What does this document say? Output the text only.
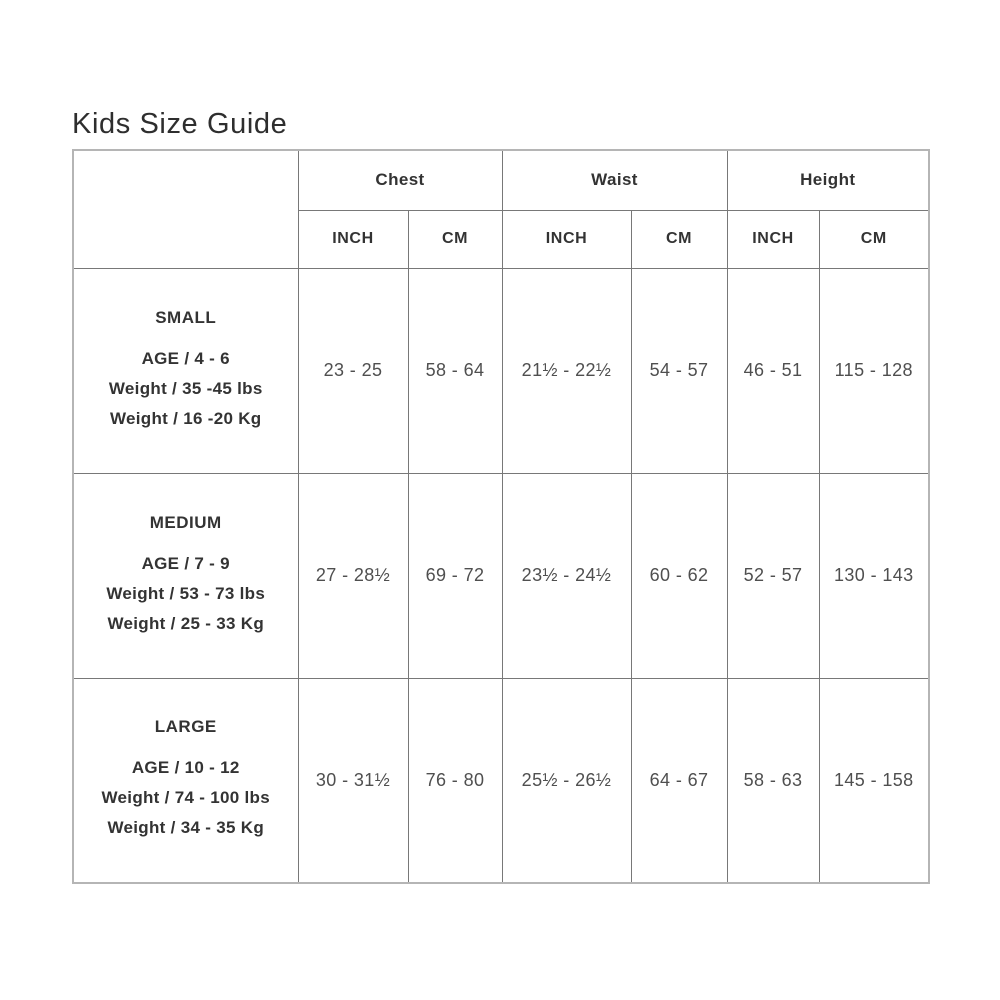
Kids Size Guide
	Chest		Waist		Height	
	INCH	CM	INCH	CM	INCH	CM

SMALL
AGE / 4 - 6
Weight / 35 -45 lbs
Weight / 16 -20 Kg	23 - 25	58 - 64	21½ - 22½	54 - 57	46 - 51	115 - 128

MEDIUM
AGE / 7 - 9
Weight / 53 - 73 lbs
Weight / 25 - 33 Kg	27 - 28½	69 - 72	23½ - 24½	60 - 62	52 - 57	130 - 143

LARGE
AGE / 10 - 12
Weight / 74 - 100 lbs
Weight / 34 - 35 Kg	30 - 31½	76 - 80	25½ - 26½	64 - 67	58 - 63	145 - 158
